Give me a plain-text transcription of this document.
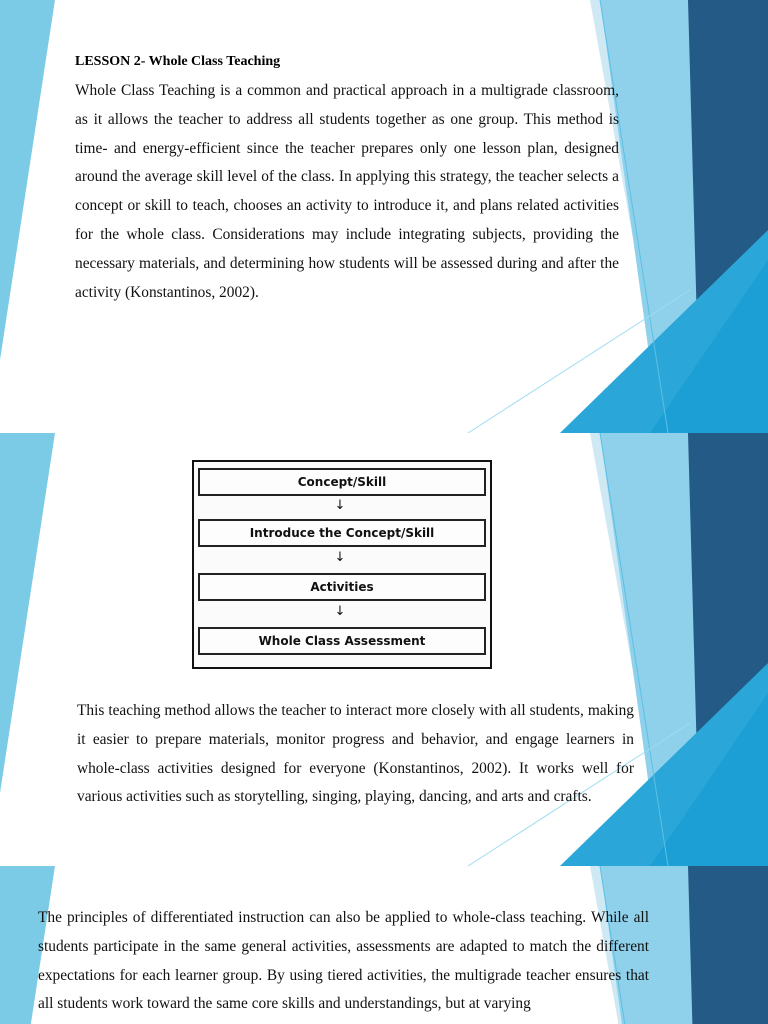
LESSON 2- Whole Class Teaching

Whole Class Teaching is a common and practical approach in a multigrade classroom, as it allows the teacher to address all students together as one group. This method is time- and energy-efficient since the teacher prepares only one lesson plan, designed around the average skill level of the class. In applying this strategy, the teacher selects a concept or skill to teach, chooses an activity to introduce it, and plans related activities for the whole class. Considerations may include integrating subjects, providing the necessary materials, and determining how students will be assessed during and after the activity (Konstantinos, 2002).

Concept/Skill
↓
Introduce the Concept/Skill
↓
Activities
↓
Whole Class Assessment

This teaching method allows the teacher to interact more closely with all students, making it easier to prepare materials, monitor progress and behavior, and engage learners in whole-class activities designed for everyone (Konstantinos, 2002). It works well for various activities such as storytelling, singing, playing, dancing, and arts and crafts.

The principles of differentiated instruction can also be applied to whole-class teaching. While all students participate in the same general activities, assessments are adapted to match the different expectations for each learner group. By using tiered activities, the multigrade teacher ensures that all students work toward the same core skills and understandings, but at varying
